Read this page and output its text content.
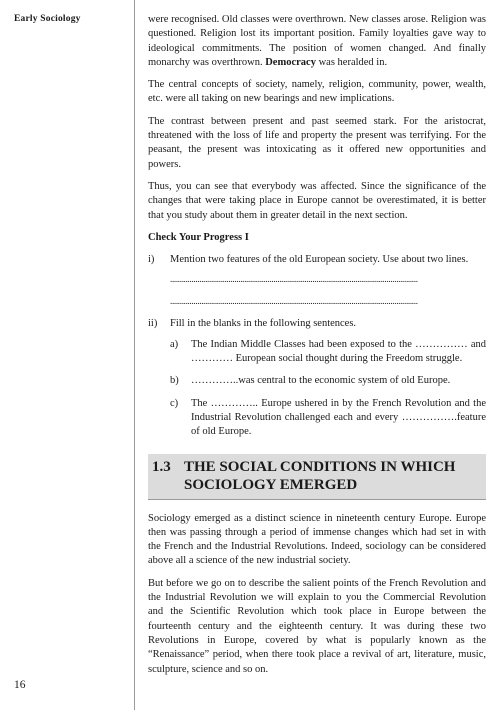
Early Sociology	were recognised. Old classes were overthrown. New classes arose. Religion was questioned. Religion lost its important position. Family loyalties gave way to ideological commitments. The position of women changed. And finally monarchy was overthrown. Democracy was heralded in.

The central concepts of society, namely, religion, community, power, wealth, etc. were all taking on new bearings and new implications.

The contrast between present and past seemed stark. For the aristocrat, threatened with the loss of life and property the present was terrifying. For the peasant, the present was intoxicating as it offered new opportunities and powers.

Thus, you can see that everybody was affected. Since the significance of the changes that were taking place in Europe cannot be overestimated, it is better that you study about them in greater detail in the next section.

Check Your Progress I
i)	Mention two features of the old European society. Use about two lines.
...............................................................................................................................
...............................................................................................................................
ii)	Fill in the blanks in the following sentences.
a)	The Indian Middle Classes had been exposed to the …………… and ………… European social thought during the Freedom struggle.
b)	…………..was central to the economic system of old Europe.
c)	The ………….. Europe ushered in by the French Revolution and the Industrial Revolution challenged each and every …………….feature of old Europe.
1.3 THE SOCIAL CONDITIONS IN WHICH
SOCIOLOGY EMERGED

Sociology emerged as a distinct science in nineteenth century Europe. Europe then was passing through a period of immense changes which had set in with the French and the Industrial Revolutions. Indeed, sociology can be considered above all a science of the new industrial society.

But before we go on to describe the salient points of the French Revolution and the Industrial Revolution we will explain to you the Commercial Revolution and the Scientific Revolution which took place in Europe between the fourteenth century and the eighteenth century. It was during these two Revolutions in Europe, covered by what is popularly known as the “Renaissance” period, when there took place a revival of art, literature, music, sculpture, science and so on.

16
